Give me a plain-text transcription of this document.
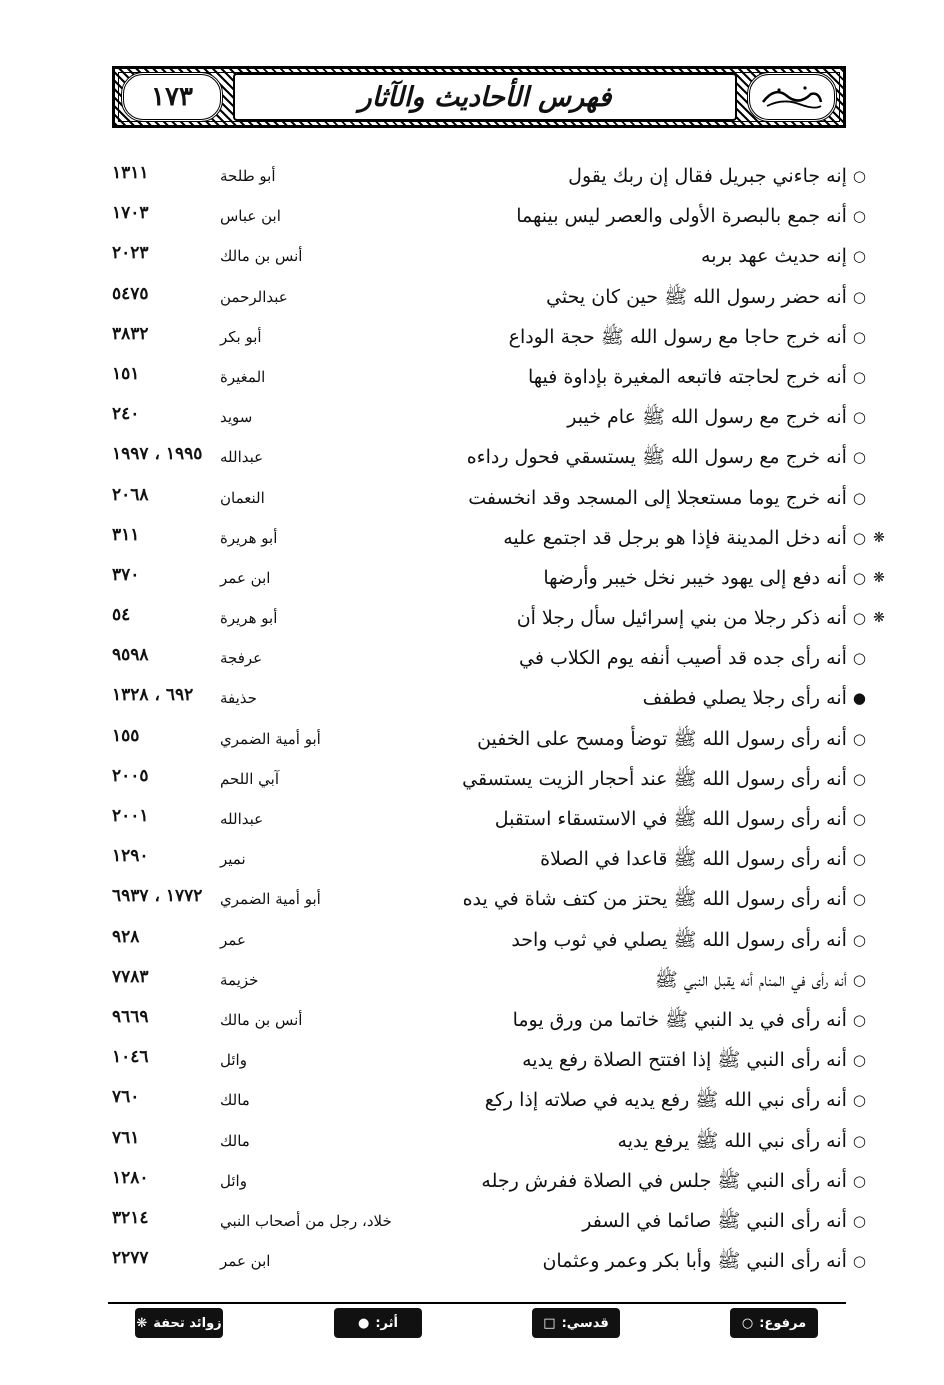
فهرس الأحاديث والآثار
١٧٣
○
إنه جاءني جبريل فقال إن ربك يقول
أبو طلحة
١٣١١
○
أنه جمع بالبصرة الأولى والعصر ليس بينهما
ابن عباس
١٧٠٣
○
إنه حديث عهد بربه
أنس بن مالك
٢٠٢٣
○
أنه حضر رسول الله ﷺ حين كان يحثي
عبدالرحمن
٥٤٧٥
○
أنه خرج حاجا مع رسول الله ﷺ حجة الوداع
أبو بكر
٣٨٣٢
○
أنه خرج لحاجته فاتبعه المغيرة بإداوة فيها
المغيرة
١٥١
○
أنه خرج مع رسول الله ﷺ عام خيبر
سويد
٢٤٠
○
أنه خرج مع رسول الله ﷺ يستسقي فحول رداءه
عبدالله
١٩٩٥ ، ١٩٩٧
○
أنه خرج يوما مستعجلا إلى المسجد وقد انخسفت
النعمان
٢٠٦٨
❋
○
أنه دخل المدينة فإذا هو برجل قد اجتمع عليه
أبو هريرة
٣١١
❋
○
أنه دفع إلى يهود خيبر نخل خيبر وأرضها
ابن عمر
٣٧٠
❋
○
أنه ذكر رجلا من بني إسرائيل سأل رجلا أن
أبو هريرة
٥٤
○
أنه رأى جده قد أصيب أنفه يوم الكلاب في
عرفجة
٩٥٩٨
●
أنه رأى رجلا يصلي فطفف
حذيفة
٦٩٢ ، ١٣٢٨
○
أنه رأى رسول الله ﷺ توضأ ومسح على الخفين
أبو أمية الضمري
١٥٥
○
أنه رأى رسول الله ﷺ عند أحجار الزيت يستسقي
آبي اللحم
٢٠٠٥
○
أنه رأى رسول الله ﷺ في الاستسقاء استقبل
عبدالله
٢٠٠١
○
أنه رأى رسول الله ﷺ قاعدا في الصلاة
نمير
١٢٩٠
○
أنه رأى رسول الله ﷺ يحتز من كتف شاة في يده
أبو أمية الضمري
١٧٧٢ ، ٦٩٣٧
○
أنه رأى رسول الله ﷺ يصلي في ثوب واحد
عمر
٩٢٨
○
أنه رأى في المنام أنه يقبل النبي ﷺ
خزيمة
٧٧٨٣
○
أنه رأى في يد النبي ﷺ خاتما من ورق يوما
أنس بن مالك
٩٦٦٩
○
أنه رأى النبي ﷺ إذا افتتح الصلاة رفع يديه
وائل
١٠٤٦
○
أنه رأى نبي الله ﷺ رفع يديه في صلاته إذا ركع
مالك
٧٦٠
○
أنه رأى نبي الله ﷺ يرفع يديه
مالك
٧٦١
○
أنه رأى النبي ﷺ جلس في الصلاة ففرش رجله
وائل
١٢٨٠
○
أنه رأى النبي ﷺ صائما في السفر
خلاد، رجل من أصحاب النبي
٣٢١٤
○
أنه رأى النبي ﷺ وأبا بكر وعمر وعثمان
ابن عمر
٢٢٧٧
مرفوع:
○
قدسي:
□
أثر:
●
زوائد تحفة
❋
